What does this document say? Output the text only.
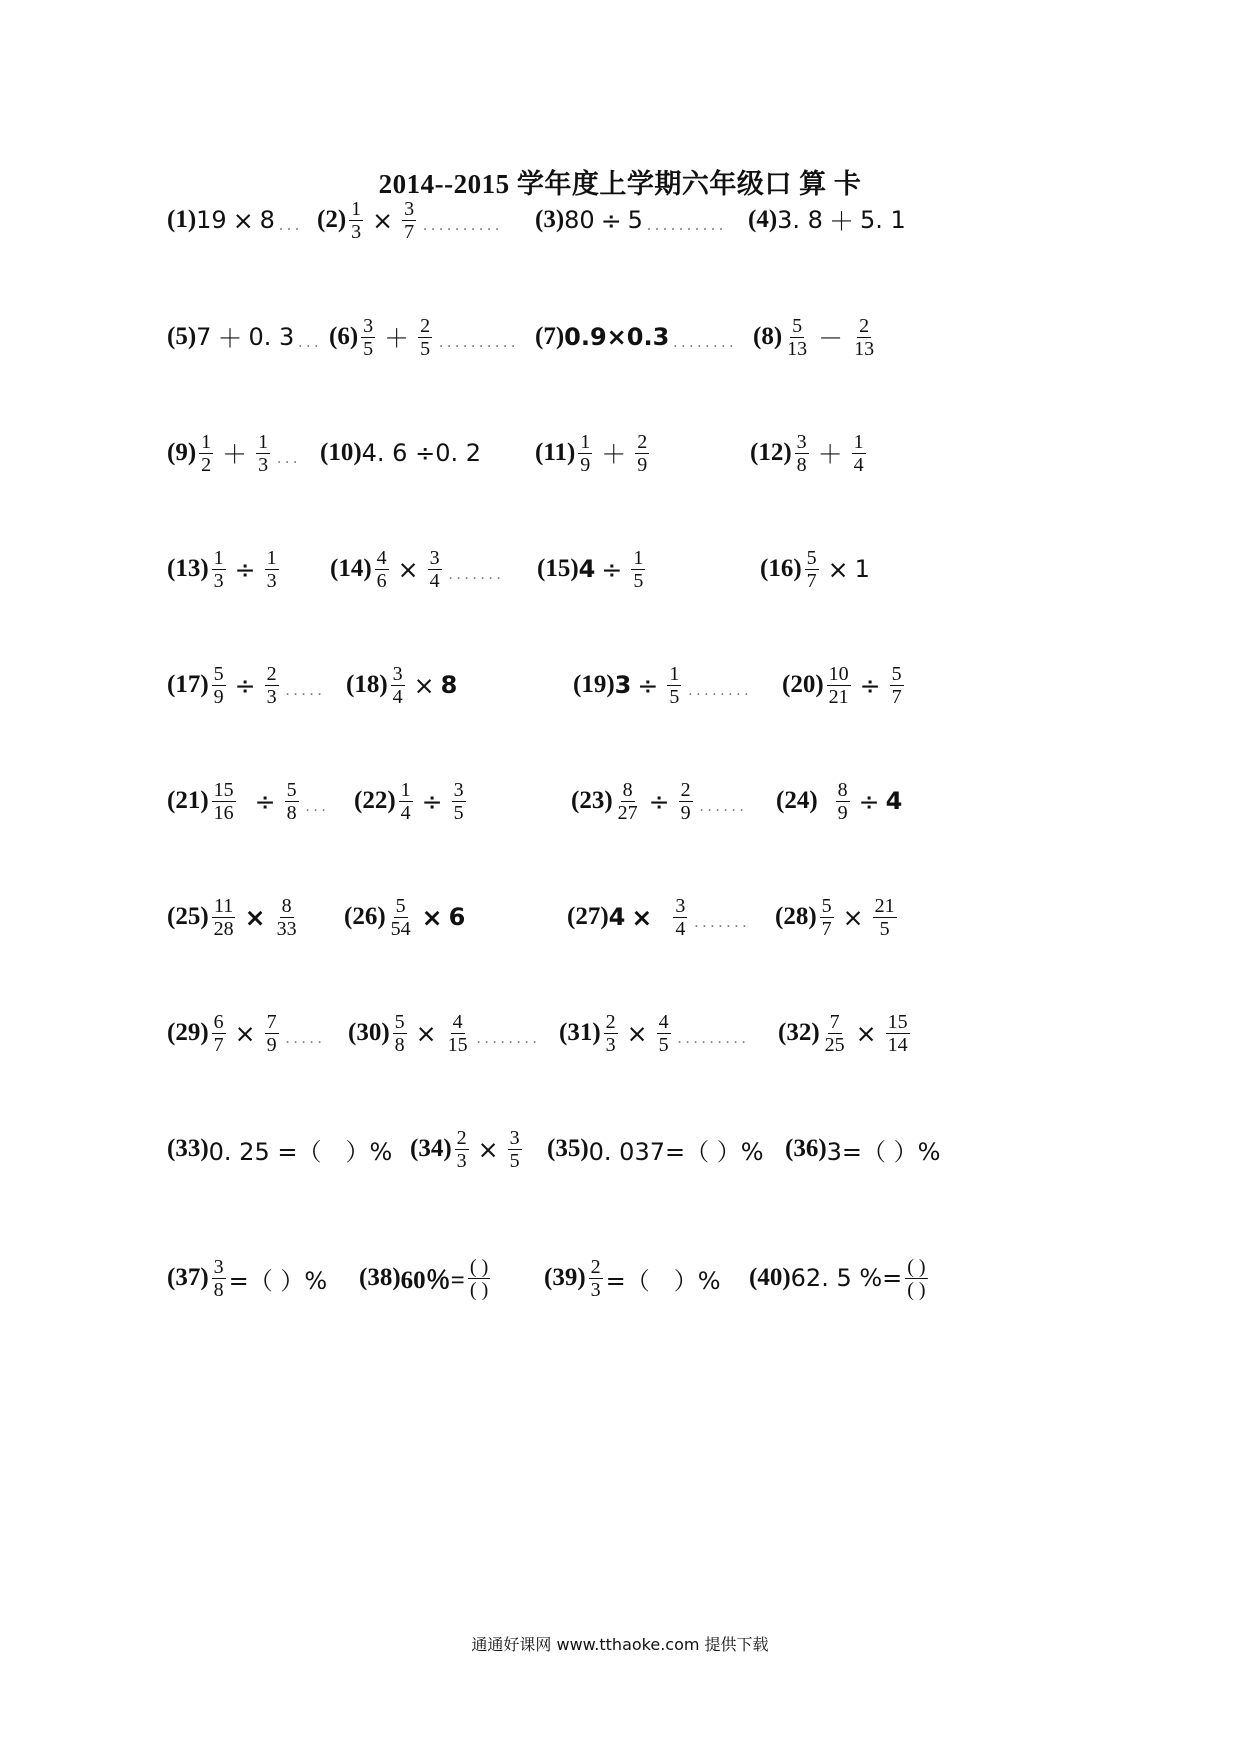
2014--2015 学年度上学期六年级口 算 卡
(1) 19 × 8 ... $(2) \frac{1}{3} \times \frac{3}{7}$ .......... (3) 80 ÷ 5 .......... (4) 3. 8 ＋ 5. 1
(5) 7 ＋ 0. 3 ... $(6) \frac{3}{5} + \frac{2}{5}$ .......... (7) 0.9×0.3 ........ $(8) \frac{5}{13} - \frac{2}{13}$
$(9) \frac{1}{2} + \frac{1}{3}$ ... (10) 4. 6 ÷0. 2 $(11) \frac{1}{9} + \frac{2}{9}$	$(12) \frac{3}{8} + \frac{1}{4}$
$(13) \frac{1}{3} \div \frac{1}{3} (14) \frac{4}{6} \times \frac{3}{4}$ ....... (15) $4 \div \frac{1}{5}$	$(16) \frac{5}{7} \times 1$
$(17) \frac{5}{9} \div \frac{2}{3}$ ..... $(18) \frac{3}{4} \times 8$	(19) $3 \div \frac{1}{5}$ ........ $(20) \frac{10}{21} \div \frac{5}{7}$
$(21) \frac{15}{16} \div \frac{5}{8}$ ... $(22) \frac{1}{4} \div \frac{3}{5}$	$(23) \frac{8}{27} \div \frac{2}{9}$ ...... $(24) \frac{8}{9} \div 4$
$(25) \frac{11}{28} \times \frac{8}{33} (26) \frac{5}{54} \times 6$	(27) $4 \times \frac{3}{4}$ ....... $(28) \frac{5}{7} \times \frac{21}{5}$
$(29) \frac{6}{7} \times \frac{7}{9}$ ..... $(30) \frac{5}{8} \times \frac{4}{15}$ ........ $(31) \frac{2}{3} \times \frac{4}{5}$ ......... $(32) \frac{7}{25} \times \frac{15}{14}$
(33) 0. 25 =（　）% $(34) \frac{2}{3} \times \frac{3}{5} (35)$ 0. 037=（ ）% (36) 3=（ ）%
$(37) \frac{3}{8}$ =（ ）% (38) 60％= $\frac{( )}{( )} (39) \frac{2}{3}$ =（　）% (40) 62. 5 %= $\frac{( )}{( )}$
通通好课网 www.tthaoke.com 提供下载
